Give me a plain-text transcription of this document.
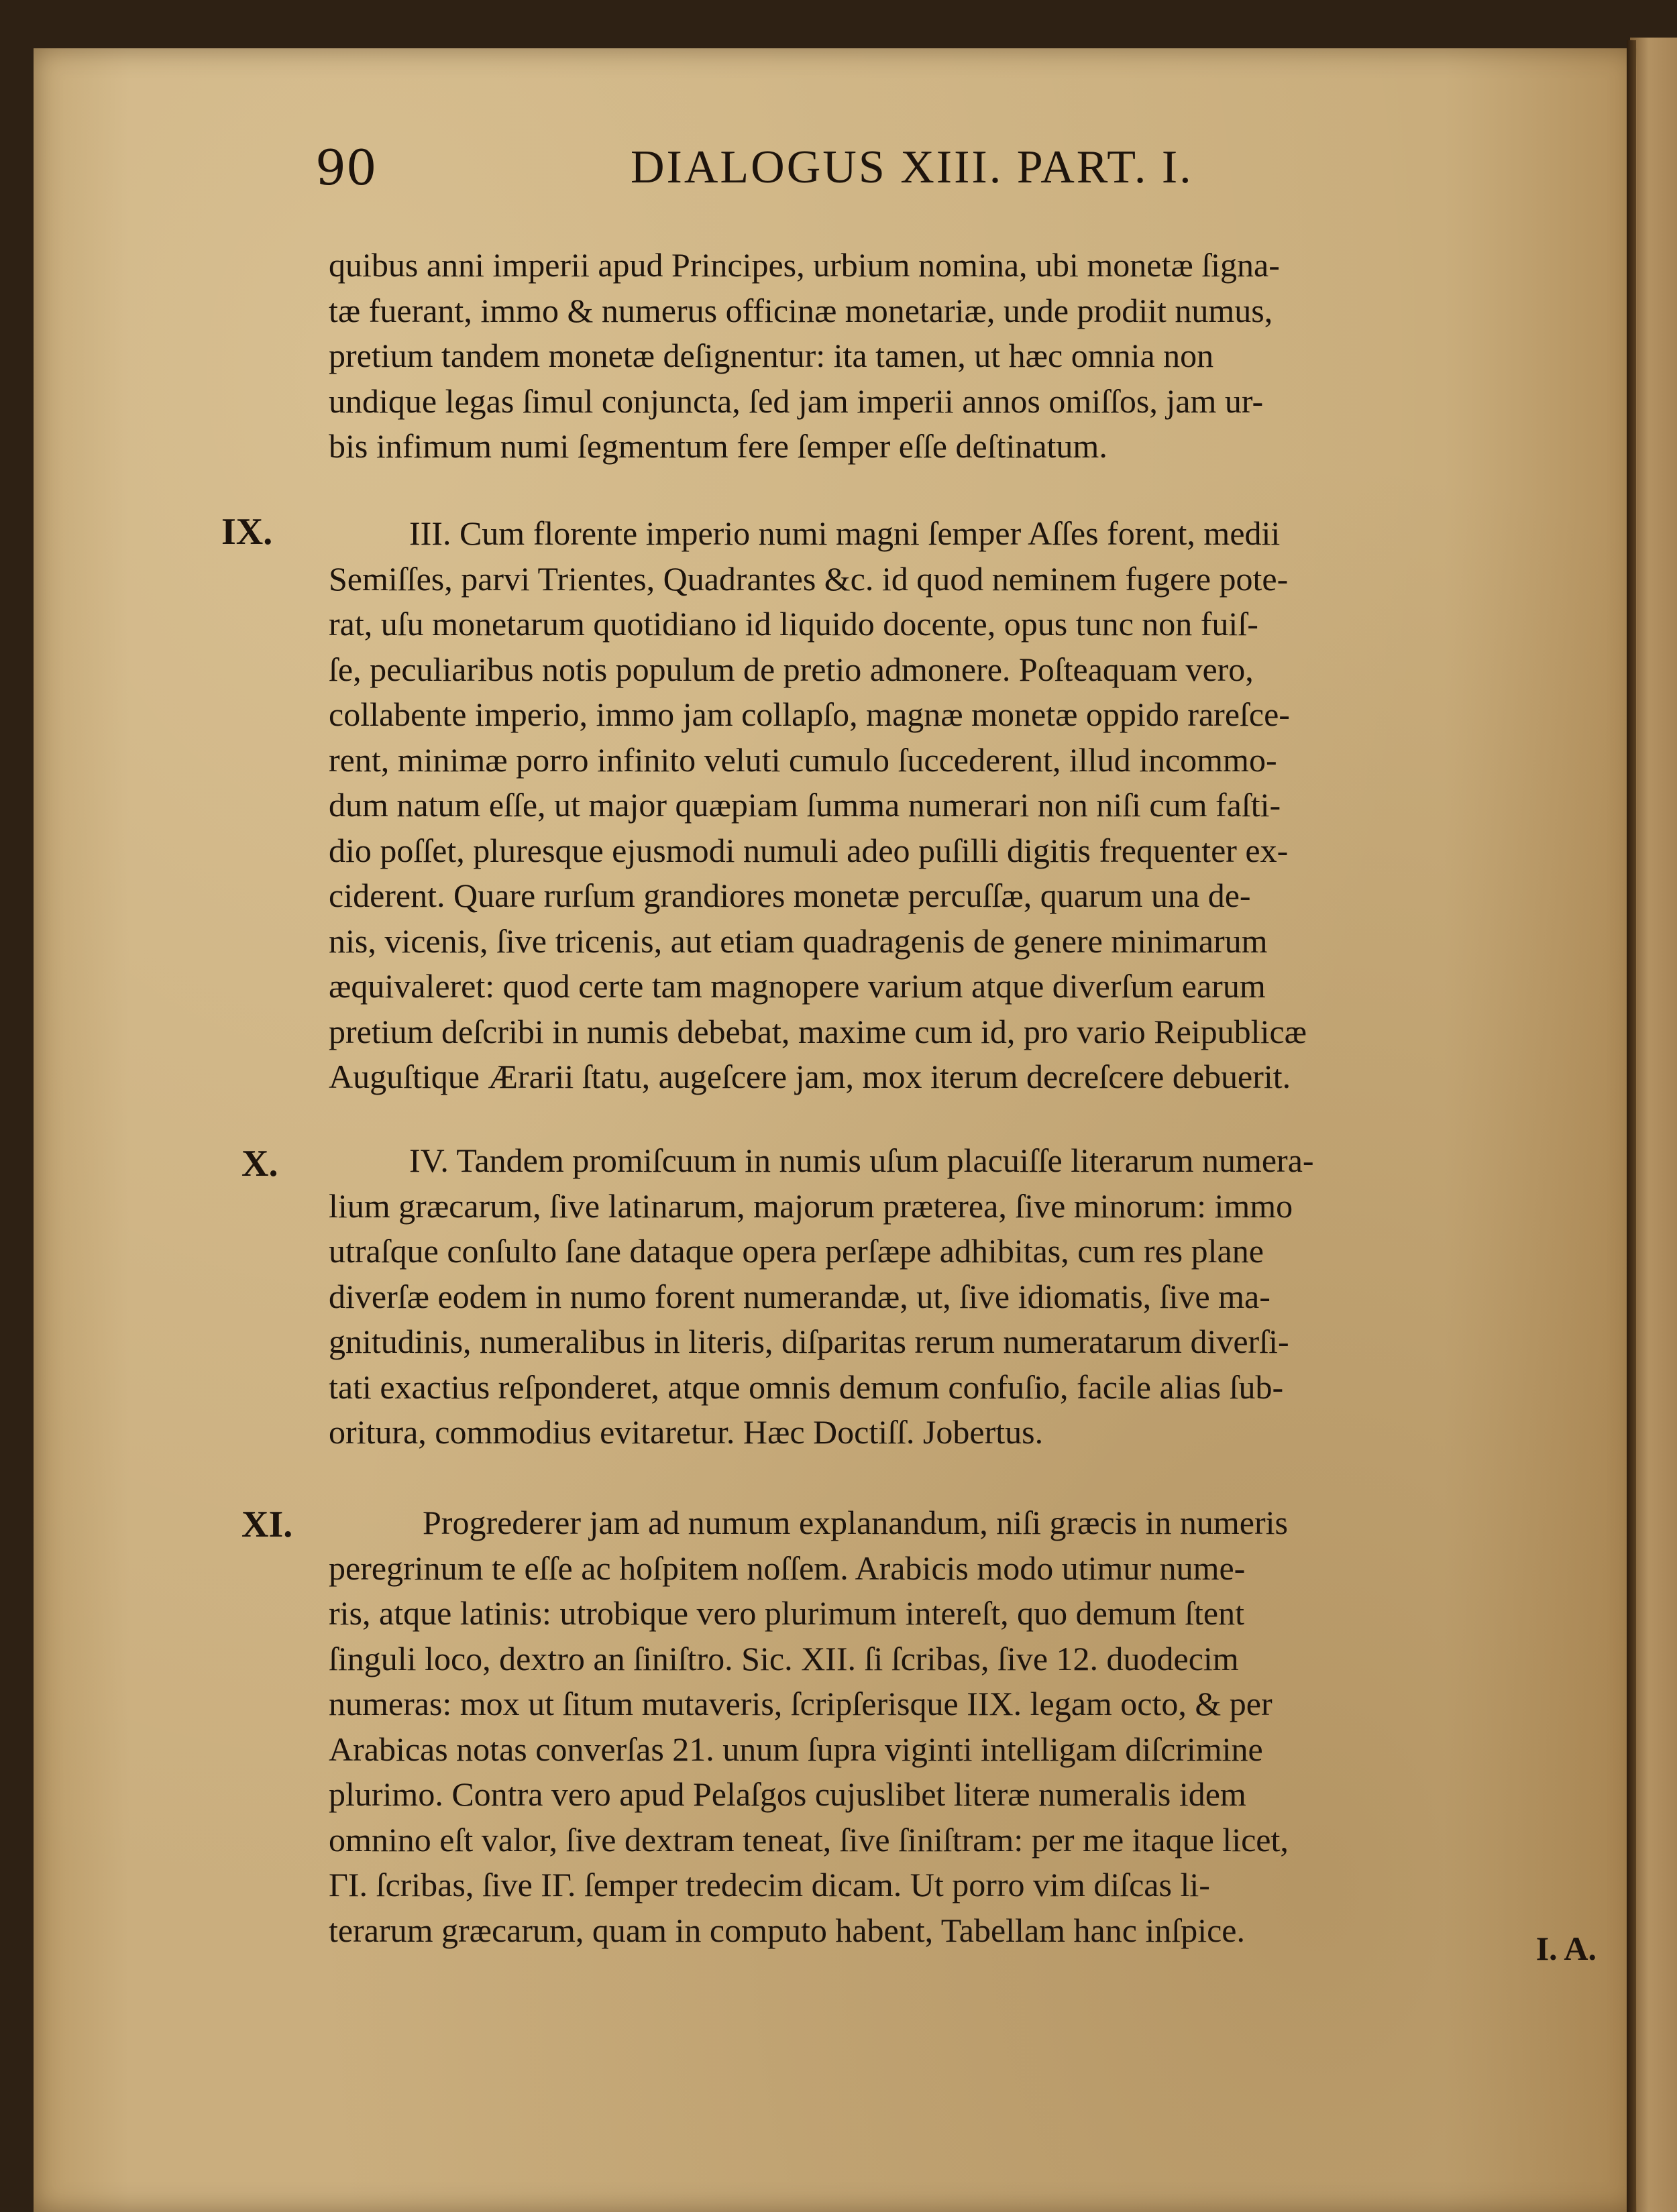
90	DIALOGUS XIII. PART. I.
IX.
X.
XI.
quibus anni imperii apud Principes, urbium nomina, ubi monetæ ſigna-
tæ fuerant, immo & numerus officinæ monetariæ, unde prodiit numus,
pretium tandem monetæ deſignentur: ita tamen, ut hæc omnia non
undique legas ſimul conjuncta, ſed jam imperii annos omiſſos, jam ur-
bis infimum numi ſegmentum fere ſemper eſſe deſtinatum.
III. Cum florente imperio numi magni ſemper Aſſes forent, medii
Semiſſes, parvi Trientes, Quadrantes &c. id quod neminem fugere pote-
rat, uſu monetarum quotidiano id liquido docente, opus tunc non fuiſ-
ſe, peculiaribus notis populum de pretio admonere. Poſteaquam vero,
collabente imperio, immo jam collapſo, magnæ monetæ oppido rareſce-
rent, minimæ porro infinito veluti cumulo ſuccederent, illud incommo-
dum natum eſſe, ut major quæpiam ſumma numerari non niſi cum faſti-
dio poſſet, pluresque ejusmodi numuli adeo puſilli digitis frequenter ex-
ciderent. Quare rurſum grandiores monetæ percuſſæ, quarum una de-
nis, vicenis, ſive tricenis, aut etiam quadragenis de genere minimarum
æquivaleret: quod certe tam magnopere varium atque diverſum earum
pretium deſcribi in numis debebat, maxime cum id, pro vario Reipublicæ
Auguſtique Ærarii ſtatu, augeſcere jam, mox iterum decreſcere debuerit.
IV. Tandem promiſcuum in numis uſum placuiſſe literarum numera-
lium græcarum, ſive latinarum, majorum præterea, ſive minorum: immo
utraſque conſulto ſane dataque opera perſæpe adhibitas, cum res plane
diverſæ eodem in numo forent numerandæ, ut, ſive idiomatis, ſive ma-
gnitudinis, numeralibus in literis, diſparitas rerum numeratarum diverſi-
tati exactius reſponderet, atque omnis demum confuſio, facile alias ſub-
oritura, commodius evitaretur. Hæc Doctiſſ. Jobertus.
Progrederer jam ad numum explanandum, niſi græcis in numeris
peregrinum te eſſe ac hoſpitem noſſem. Arabicis modo utimur nume-
ris, atque latinis: utrobique vero plurimum intereſt, quo demum ſtent
ſinguli loco, dextro an ſiniſtro. Sic. XII. ſi ſcribas, ſive 12. duodecim
numeras: mox ut ſitum mutaveris, ſcripſerisque IIX. legam octo, & per
Arabicas notas converſas 21. unum ſupra viginti intelligam diſcrimine
plurimo. Contra vero apud Pelaſgos cujuslibet literæ numeralis idem
omnino eſt valor, ſive dextram teneat, ſive ſiniſtram: per me itaque licet,
ΓI. ſcribas, ſive IΓ. ſemper tredecim dicam. Ut porro vim diſcas li-
terarum græcarum, quam in computo habent, Tabellam hanc inſpice.	I. A.
